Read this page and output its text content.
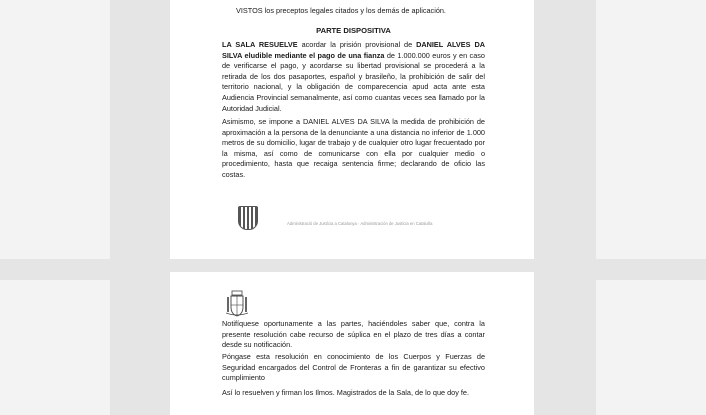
VISTOS los preceptos legales citados y los demás de aplicación.
PARTE DISPOSITIVA
LA SALA RESUELVE acordar la prisión provisional de DANIEL ALVES DA SILVA eludible mediante el pago de una fianza de 1.000.000 euros y en caso de verificarse el pago, y acordarse su libertad provisional se procederá a la retirada de los dos pasaportes, español y brasileño, la prohibición de salir del territorio nacional, y la obligación de comparecencia apud acta ante esta Audiencia Provincial semanalmente, así como cuantas veces sea llamado por la Autoridad Judicial.
Asimismo, se impone a DANIEL ALVES DA SILVA la medida de prohibición de aproximación a la persona de la denunciante a una distancia no inferior de 1.000 metros de su domicilio, lugar de trabajo y de cualquier otro lugar frecuentado por la misma, así como de comunicarse con ella por cualquier medio o procedimiento, hasta que recaiga sentencia firme; declarando de oficio las costas.
Administració de Justícia a Catalunya · Administración de Justicia en Cataluña
Notifíquese oportunamente a las partes, haciéndoles saber que, contra la presente resolución cabe recurso de súplica en el plazo de tres días a contar desde su notificación.
Póngase esta resolución en conocimiento de los Cuerpos y Fuerzas de Seguridad encargados del Control de Fronteras a fin de garantizar su efectivo cumplimiento
Así lo resuelven y firman los Ilmos. Magistrados de la Sala, de lo que doy fe.
